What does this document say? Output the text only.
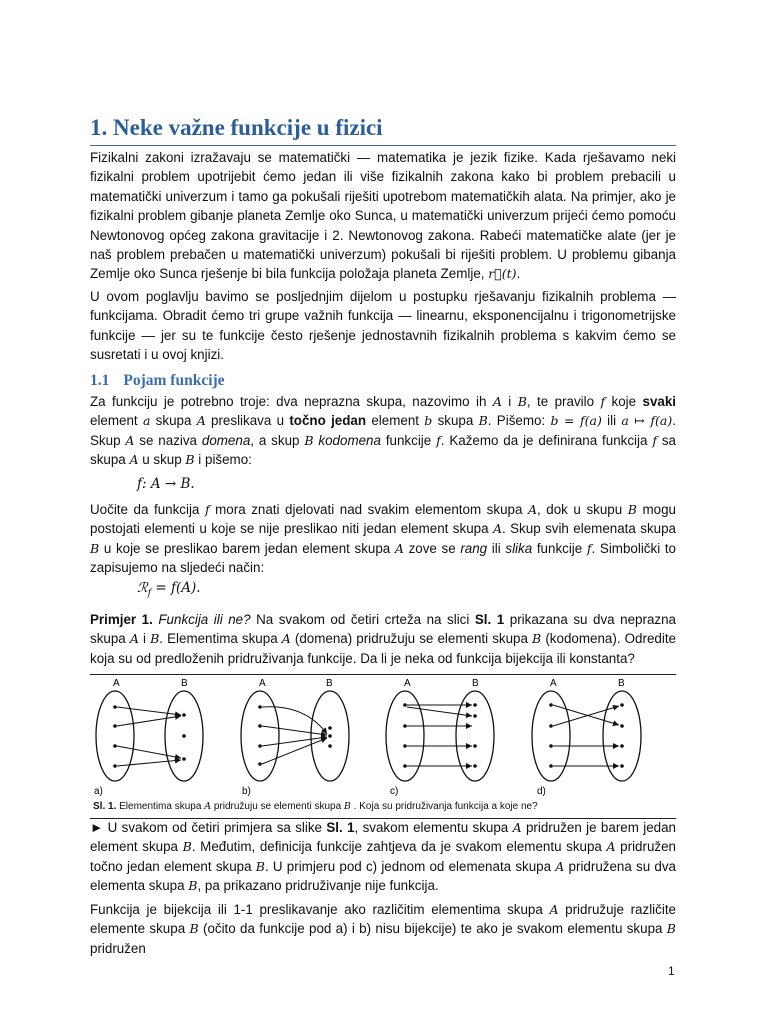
1. Neke važne funkcije u fizici

Fizikalni zakoni izražavaju se matematički — matematika je jezik fizike. Kada rješavamo neki fizikalni problem upotrijebit ćemo jedan ili više fizikalnih zakona kako bi problem prebacili u matematički univerzum i tamo ga pokušali riješiti upotrebom matematičkih alata. Na primjer, ako je fizikalni problem gibanje planeta Zemlje oko Sunca, u matematički univerzum prijeći ćemo pomoću Newtonovog općeg zakona gravitacije i 2. Newtonovog zakona. Rabeći matematičke alate (jer je naš problem prebačen u matematički univerzum) pokušali bi riješiti problem. U problemu gibanja Zemlje oko Sunca rješenje bi bila funkcija položaja planeta Zemlje, r⃗(t).

U ovom poglavlju bavimo se posljednjim dijelom u postupku rješavanju fizikalnih problema — funkcijama. Obradit ćemo tri grupe važnih funkcija — linearnu, eksponencijalnu i trigonometrijske funkcije — jer su te funkcije često rješenje jednostavnih fizikalnih problema s kakvim ćemo se susretati i u ovoj knjizi.

1.1 Pojam funkcije

Za funkciju je potrebno troje: dva neprazna skupa, nazovimo ih A i B, te pravilo f koje svaki element a skupa A preslikava u točno jedan element b skupa B. Pišemo: b = f(a) ili a ↦ f(a). Skup A se naziva domena, a skup B kodomena funkcije f. Kažemo da je definirana funkcija f sa skupa A u skup B i pišemo:

f: A → B.

Uočite da funkcija f mora znati djelovati nad svakim elementom skupa A, dok u skupu B mogu postojati elementi u koje se nije preslikao niti jedan element skupa A. Skup svih elemenata skupa B u koje se preslikao barem jedan element skupa A zove se rang ili slika funkcije f. Simbolički to zapisujemo na sljedeći način:

ℛ$_f$ = f(A).

Primjer 1. Funkcija ili ne? Na svakom od četiri crteža na slici Sl. 1 prikazana su dva neprazna skupa A i B. Elementima skupa A (domena) pridružuju se elementi skupa B (kodomena). Odredite koja su od predloženih pridruživanja funkcije. Da li je neka od funkcija bijekcija ili konstanta?

A	B
a)
A	B
b)
A	B
c)
A	B
d)
Sl. 1. Elementima skupa A pridružuju se elementi skupa B . Koja su pridruživanja funkcija a koje ne?

► U svakom od četiri primjera sa slike Sl. 1, svakom elementu skupa A pridružen je barem jedan element skupa B. Međutim, definicija funkcije zahtjeva da je svakom elementu skupa A pridružen točno jedan element skupa B. U primjeru pod c) jednom od elemenata skupa A pridružena su dva elementa skupa B, pa prikazano pridruživanje nije funkcija.

Funkcija je bijekcija ili 1-1 preslikavanje ako različitim elementima skupa A pridružuje različite elemente skupa B (očito da funkcije pod a) i b) nisu bijekcije) te ako je svakom elementu skupa B pridružen

1
